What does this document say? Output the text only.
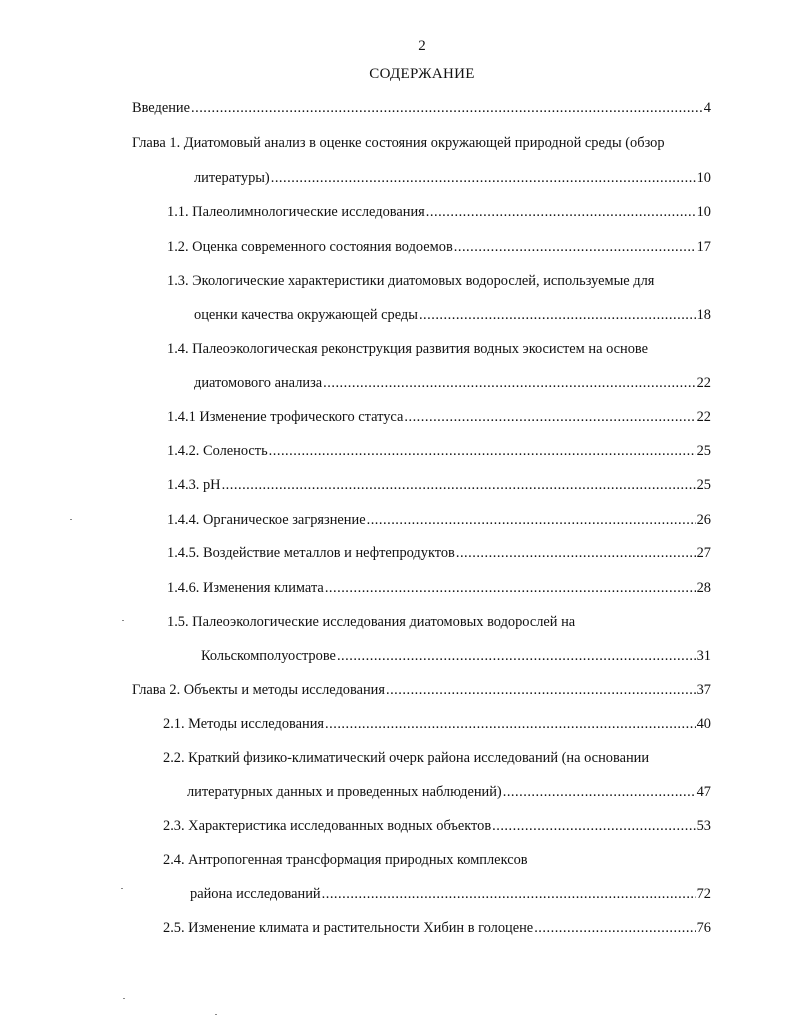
2
СОДЕРЖАНИЕ
Введение .....	4
Глава 1. Диатомовый анализ в оценке состояния окружающей природной среды (обзор
литературы) .....	10
1.1. Палеолимнологические исследования .....	10
1.2. Оценка современного состояния водоемов .....	17
1.3. Экологические характеристики диатомовых водорослей, используемые для
оценки качества окружающей среды .....	18
1.4. Палеоэкологическая реконструкция развития водных экосистем на основе
диатомового анализа .....	22
1.4.1 Изменение трофического статуса .....	22
1.4.2. Соленость .....	25
1.4.3. pH .....	25
1.4.4. Органическое загрязнение .....	26
1.4.5. Воздействие металлов и нефтепродуктов .....	27
1.4.6. Изменения климата .....	28
1.5. Палеоэкологические исследования диатомовых водорослей на
Кольскомполуострове .....	31
Глава 2. Объекты и методы исследования .....	37
2.1. Методы исследования .....	40
2.2. Краткий физико-климатический очерк района исследований (на основании
литературных данных и проведенных наблюдений) .....	47
2.3. Характеристика исследованных водных объектов .....	53
2.4. Антропогенная трансформация природных комплексов
района исследований .....	72
2.5. Изменение климата и растительности Хибин в голоцене .....	76
